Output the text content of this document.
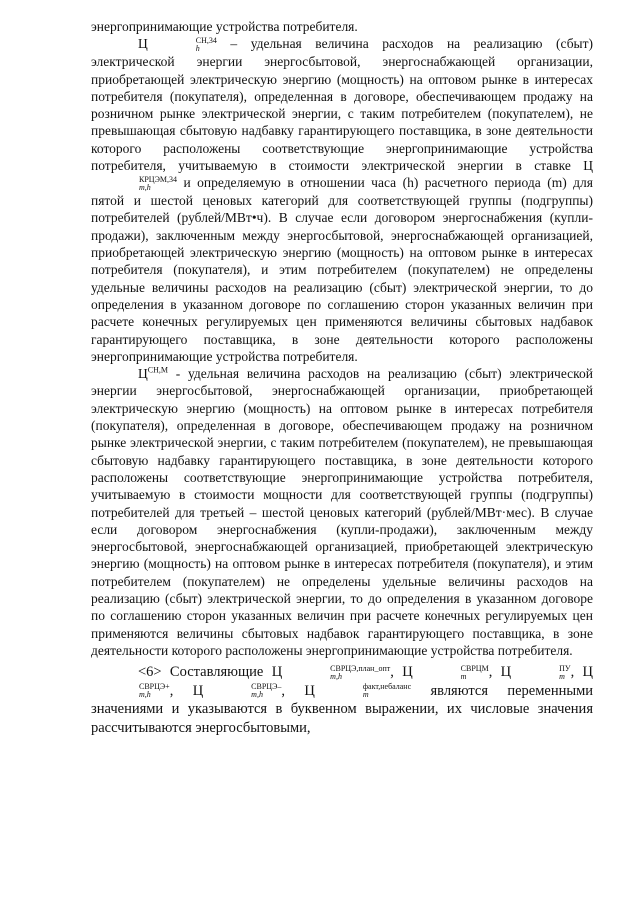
энергопринимающие устройства потребителя.

Ц	СН,34
h	– удельная величина расходов на реализацию (сбыт) электрической энергии энергосбытовой, энергоснабжающей организации, приобретающей электрическую энергию (мощность) на оптовом рынке в интересах потребителя (покупателя), определенная в договоре, обеспечивающем продажу на розничном рынке электрической энергии, с таким потребителем (покупателем), не превышающая сбытовую надбавку гарантирующего поставщика, в зоне деятельности которого расположены соответствующие энергопринимающие устройства потребителя, учитываемую в стоимости электрической энергии в ставке Ц
КРЦЭМ,34
m,h	и определяемую в отношении часа (h) расчетного периода (m) для пятой и шестой ценовых категорий для соответствующей группы (подгруппы) потребителей (рублей/МВт•ч). В случае если договором энергоснабжения (купли-продажи), заключенным между энергосбытовой, энергоснабжающей организацией, приобретающей электрическую энергию (мощность) на оптовом рынке в интересах потребителя (покупателя), и этим потребителем (покупателем) не определены удельные величины расходов на реализацию (сбыт) электрической энергии, то до определения в указанном договоре по соглашению сторон указанных величин при расчете конечных регулируемых цен применяются величины сбытовых надбавок гарантирующего поставщика, в зоне деятельности которого расположены энергопринимающие устройства потребителя.

$Ц^{СН,М}$ - удельная величина расходов на реализацию (сбыт) электрической энергии энергосбытовой, энергоснабжающей организации, приобретающей электрическую энергию (мощность) на оптовом рынке в интересах потребителя (покупателя), определенная в договоре, обеспечивающем продажу на розничном рынке электрической энергии, с таким потребителем (покупателем), не превышающая сбытовую надбавку гарантирующего поставщика, в зоне деятельности которого расположены соответствующие энергопринимающие устройства потребителя, учитываемую в стоимости мощности для соответствующей группы (подгруппы) потребителей для третьей – шестой ценовых категорий (рублей/МВт·мес). В случае если договором энергоснабжения (купли-продажи), заключенным между энергосбытовой, энергоснабжающей организацией, приобретающей электрическую энергию (мощность) на оптовом рынке в интересах потребителя (покупателя), и этим потребителем (покупателем) не определены удельные величины расходов на реализацию (сбыт) электрической энергии, то до определения в указанном договоре по соглашению сторон указанных величин при расчете конечных регулируемых цен применяются величины сбытовых надбавок гарантирующего поставщика, в зоне деятельности которого расположены энергопринимающие устройства потребителя.

<6> Составляющие Ц	СВРЦЭ,план_опт
m,h	, Ц	СВРЦМ
m	, Ц	ПУ
m , Ц
СВРЦЭ+
m,h	, Ц	СВРЦЭ–
m,h	, Ц	факт,небаланс
m	являются переменными значениями и указываются в буквенном выражении, их числовые значения рассчитываются энергосбытовыми,
